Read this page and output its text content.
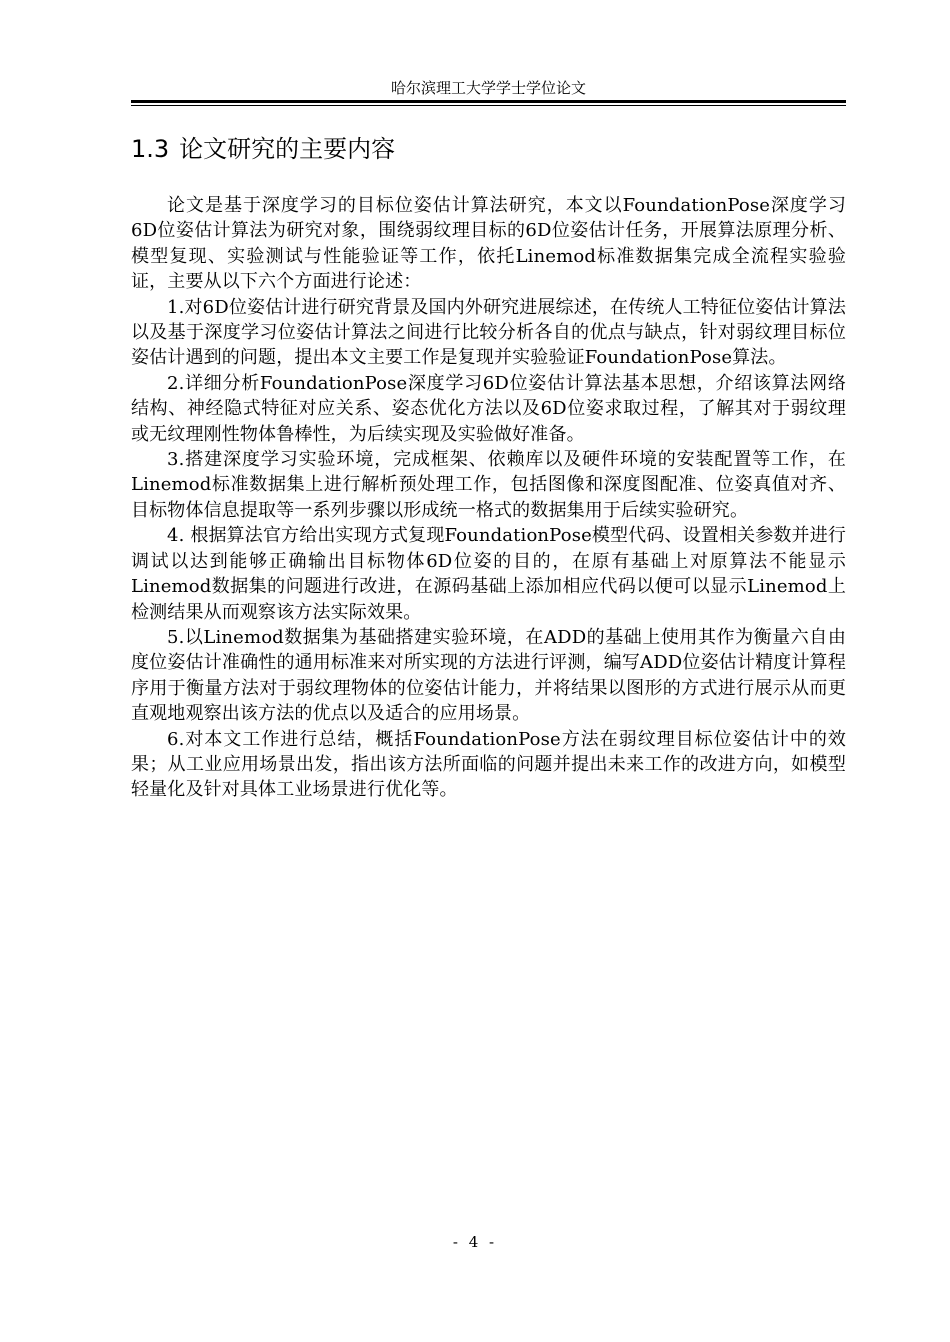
哈尔滨理工大学学士学位论文
1.3 论文研究的主要内容

论文是基于深度学习的目标位姿估计算法研究，本文以FoundationPose深度学习6D位姿估计算法为研究对象，围绕弱纹理目标的6D位姿估计任务，开展算法原理分析、模型复现、实验测试与性能验证等工作，依托Linemod标准数据集完成全流程实验验证，主要从以下六个方面进行论述：

1.对6D位姿估计进行研究背景及国内外研究进展综述，在传统人工特征位姿估计算法以及基于深度学习位姿估计算法之间进行比较分析各自的优点与缺点，针对弱纹理目标位姿估计遇到的问题，提出本文主要工作是复现并实验验证FoundationPose算法。

2.详细分析FoundationPose深度学习6D位姿估计算法基本思想，介绍该算法网络结构、神经隐式特征对应关系、姿态优化方法以及6D位姿求取过程，了解其对于弱纹理或无纹理刚性物体鲁棒性，为后续实现及实验做好准备。

3.搭建深度学习实验环境，完成框架、依赖库以及硬件环境的安装配置等工作，在Linemod标准数据集上进行解析预处理工作，包括图像和深度图配准、位姿真值对齐、目标物体信息提取等一系列步骤以形成统一格式的数据集用于后续实验研究。

4. 根据算法官方给出实现方式复现FoundationPose模型代码、设置相关参数并进行调试以达到能够正确输出目标物体6D位姿的目的，在原有基础上对原算法不能显示Linemod数据集的问题进行改进，在源码基础上添加相应代码以便可以显示Linemod上检测结果从而观察该方法实际效果。

5.以Linemod数据集为基础搭建实验环境，在ADD的基础上使用其作为衡量六自由度位姿估计准确性的通用标准来对所实现的方法进行评测，编写ADD位姿估计精度计算程序用于衡量方法对于弱纹理物体的位姿估计能力，并将结果以图形的方式进行展示从而更直观地观察出该方法的优点以及适合的应用场景。

6.对本文工作进行总结，概括FoundationPose方法在弱纹理目标位姿估计中的效果；从工业应用场景出发，指出该方法所面临的问题并提出未来工作的改进方向，如模型轻量化及针对具体工业场景进行优化等。

- 4 -
